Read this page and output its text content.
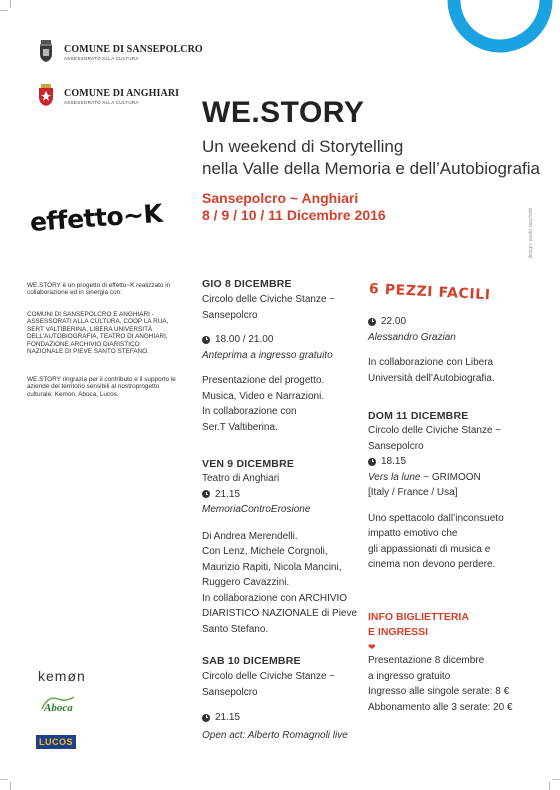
COMUNE DI SANSEPOLCRO
ASSESSORATO ALLA CULTURA
COMUNE DI ANGHIARI
ASSESSORATO ALLA CULTURA WE.STORY
Un weekend di Storytelling
nella Valle della Memoria e dell’Autobiografia
Sansepolcro ~ Anghiari
8 / 9 / 10 / 11 Dicembre 2016
effetto~K	design: paolo sacchetti
WE.STORY è un progetto di effetto~K realizzato in collaborazione ed in sinergia con:
COMUNI DI SANSEPOLCRO E ANGHIARI - ASSESSORATI ALLA CULTURA, COOP LA RUA, SERT VALTIBERINA, LIBERA UNIVERSITÀ DELL’AUTOBIOGRAFIA, TEATRO DI ANGHIARI, FONDAZIONE ARCHIVIO DIARISTICO NAZIONALE DI PIEVE SANTO STEFANO.
WE.STORY ringrazia per il contributo e il supporto le aziende del territorio sensibili al nostroprogetto culturale: Kemon, Aboca, Lucos.
GIO 8 DICEMBRE
Circolo delle Civiche Stanze ~
Sansepolcro
18.00 / 21.00
Anteprima a ingresso gratuito
Presentazione del progetto.
Musica, Video e Narrazioni.
In collaborazione con
Ser.T Valtiberina.
VEN 9 DICEMBRE
Teatro di Anghiari
21.15
MemoriaControErosione
Di Andrea Merendelli.
Con Lenz, Michele Corgnoli,
Maurizio Rapiti, Nicola Mancini,
Ruggero Cavazzini.
In collaborazione con ARCHIVIO
DIARISTICO NAZIONALE di Pieve
Santo Stefano.
SAB 10 DICEMBRE
Circolo delle Civiche Stanze ~
Sansepolcro
21.15
Open act: Alberto Romagnoli live
6 PEZZI FACILI
22.00
Alessandro Grazian
In collaborazione con Libera
Università dell’Autobiografia.
DOM 11 DICEMBRE
Circolo delle Civiche Stanze ~
Sansepolcro
18.15
Vers la lune ~ GRIMOON
[Italy / France / Usa]
Uno spettacolo dall’inconsueto
impatto emotivo che
gli appassionati di musica e
cinema non devono perdere.
INFO BIGLIETTERIA
E INGRESSI
❤
Presentazione 8 dicembre
a ingresso gratuito
Ingresso alle singole serate: 8 €
Abbonamento alle 3 serate: 20 €
kemøn
Aboca
LUCOS
